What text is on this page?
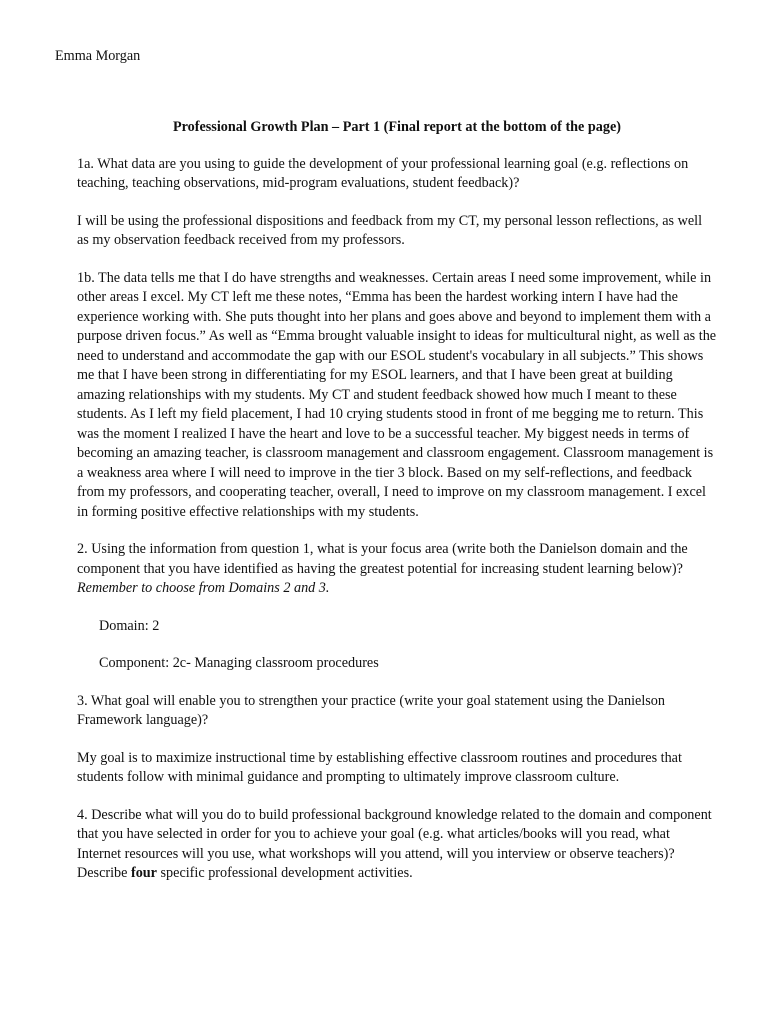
Emma Morgan
Professional Growth Plan – Part 1 (Final report at the bottom of the page)

1a. What data are you using to guide the development of your professional learning goal (e.g. reflections on teaching, teaching observations, mid-program evaluations, student feedback)?

I will be using the professional dispositions and feedback from my CT, my personal lesson reflections, as well as my observation feedback received from my professors.

1b. The data tells me that I do have strengths and weaknesses. Certain areas I need some improvement, while in other areas I excel. My CT left me these notes, “Emma has been the hardest working intern I have had the experience working with. She puts thought into her plans and goes above and beyond to implement them with a purpose driven focus.” As well as “Emma brought valuable insight to ideas for multicultural night, as well as the need to understand and accommodate the gap with our ESOL student's vocabulary in all subjects.” This shows me that I have been strong in differentiating for my ESOL learners, and that I have been great at building amazing relationships with my students. My CT and student feedback showed how much I meant to these students. As I left my field placement, I had 10 crying students stood in front of me begging me to return. This was the moment I realized I have the heart and love to be a successful teacher. My biggest needs in terms of becoming an amazing teacher, is classroom management and classroom engagement. Classroom management is a weakness area where I will need to improve in the tier 3 block. Based on my self-reflections, and feedback from my professors, and cooperating teacher, overall, I need to improve on my classroom management. I excel in forming positive effective relationships with my students.

2. Using the information from question 1, what is your focus area (write both the Danielson domain and the component that you have identified as having the greatest potential for increasing student learning below)? Remember to choose from Domains 2 and 3.

Domain: 2

Component: 2c- Managing classroom procedures

3. What goal will enable you to strengthen your practice (write your goal statement using the Danielson Framework language)?

My goal is to maximize instructional time by establishing effective classroom routines and procedures that students follow with minimal guidance and prompting to ultimately improve classroom culture.

4. Describe what will you do to build professional background knowledge related to the domain and component that you have selected in order for you to achieve your goal (e.g. what articles/books will you read, what Internet resources will you use, what workshops will you attend, will you interview or observe teachers)? Describe four specific professional development activities.
